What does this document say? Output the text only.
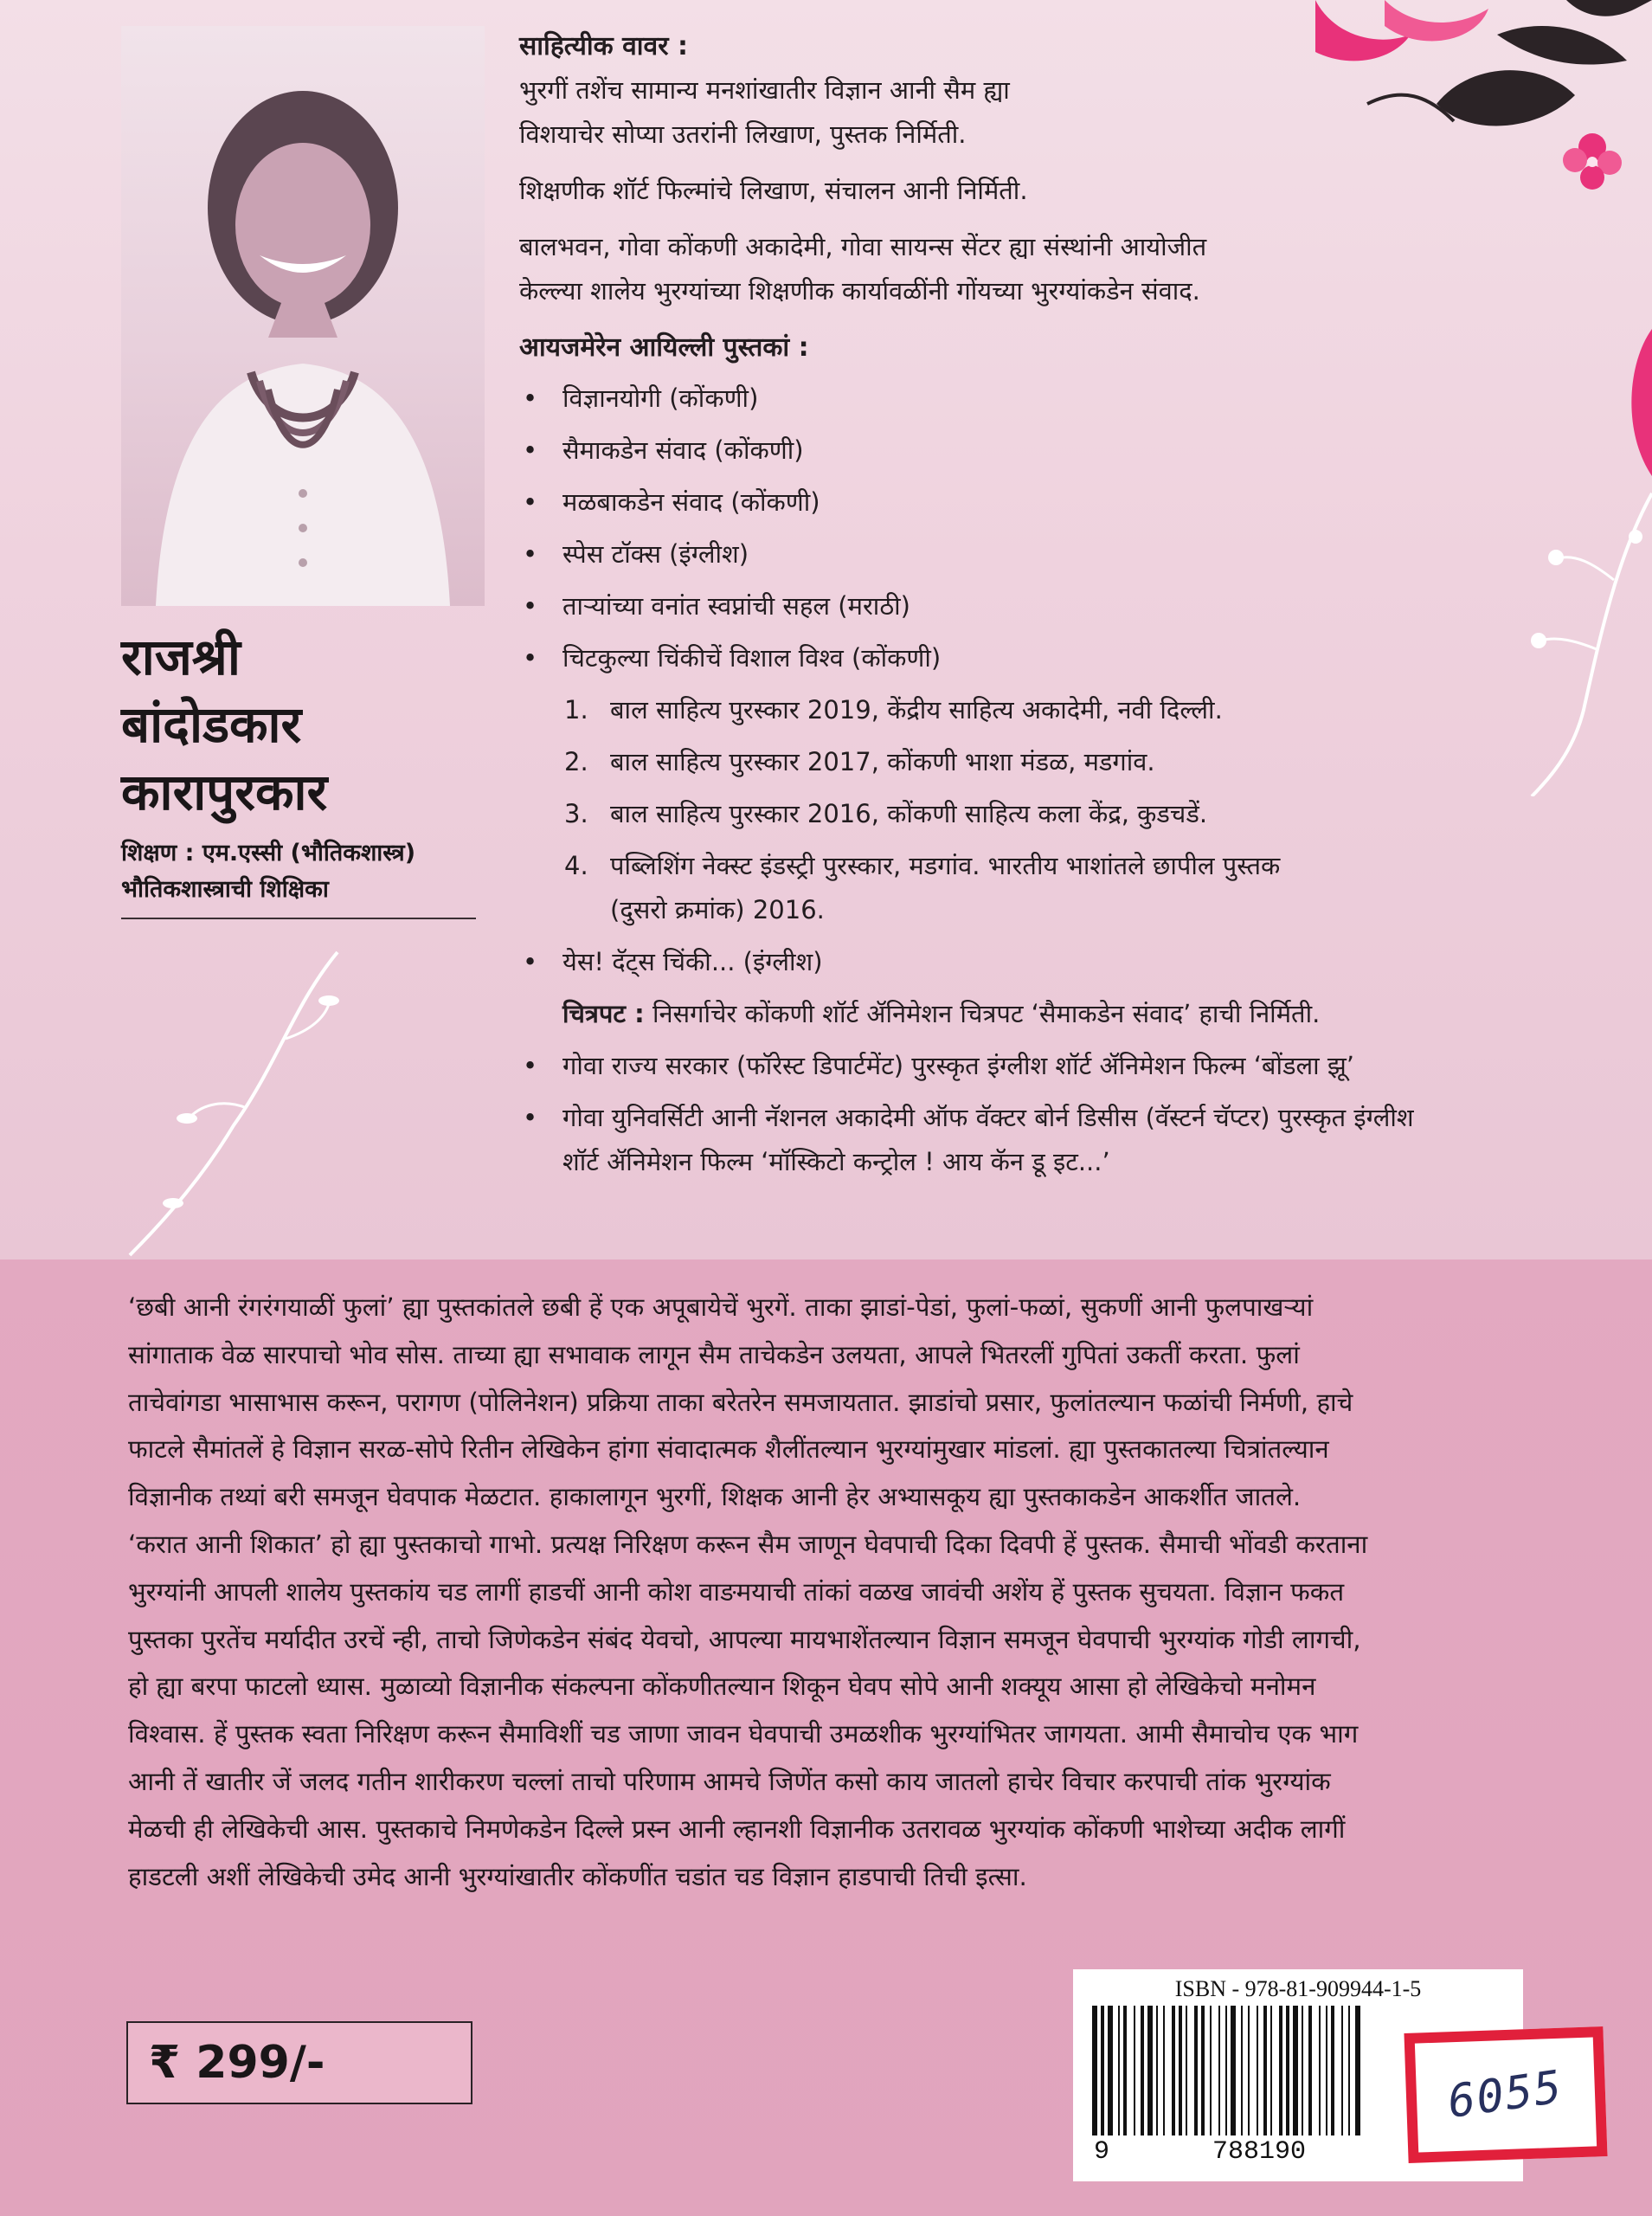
राजश्री
बांदोडकार
कारापुरकार
शिक्षण : एम.एस्सी (भौतिकशास्त्र)
भौतिकशास्त्राची शिक्षिका
साहित्यीक वावर :
भुरगीं तशेंच सामान्य मनशांखातीर विज्ञान आनी सैम ह्या
विशयाचेर सोप्या उतरांनी लिखाण, पुस्तक निर्मिती.
शिक्षणीक शॉर्ट फिल्मांचे लिखाण, संचालन आनी निर्मिती.
बालभवन, गोवा कोंकणी अकादेमी, गोवा सायन्स सेंटर ह्या संस्थांनी आयोजीत
केल्ल्या शालेय भुरग्यांच्या शिक्षणीक कार्यावळींनी गोंयच्या भुरग्यांकडेन संवाद.
आयजमेरेन आयिल्ली पुस्तकां :
• विज्ञानयोगी (कोंकणी)
• सैमाकडेन संवाद (कोंकणी)
• मळबाकडेन संवाद (कोंकणी)
• स्पेस टॉक्स (इंग्लीश)
• ताऱ्यांच्या वनांत स्वप्नांची सहल (मराठी)
• चिटकुल्या चिंकीचें विशाल विश्व (कोंकणी)
1. बाल साहित्य पुरस्कार 2019, केंद्रीय साहित्य अकादेमी, नवी दिल्ली.
2. बाल साहित्य पुरस्कार 2017, कोंकणी भाशा मंडळ, मडगांव.
3. बाल साहित्य पुरस्कार 2016, कोंकणी साहित्य कला केंद्र, कुडचडें.
4. पब्लिशिंग नेक्स्ट इंडस्ट्री पुरस्कार, मडगांव. भारतीय भाशांतले छापील पुस्तक
(दुसरो क्रमांक) 2016.
• येस! दॅट्स चिंकी... (इंग्लीश)
चित्रपट : निसर्गाचेर कोंकणी शॉर्ट ॲनिमेशन चित्रपट ‘सैमाकडेन संवाद’ हाची निर्मिती.
• गोवा राज्य सरकार (फॉरेस्ट डिपार्टमेंट) पुरस्कृत इंग्लीश शॉर्ट ॲनिमेशन फिल्म ‘बोंडला झू’
• गोवा युनिवर्सिटी आनी नॅशनल अकादेमी ऑफ वॅक्टर बोर्न डिसीस (वॅस्टर्न चॅप्टर) पुरस्कृत इंग्लीश
शॉर्ट ॲनिमेशन फिल्म ‘मॉस्किटो कन्ट्रोल ! आय कॅन डू इट...’
‘छबी आनी रंगरंगयाळीं फुलां’ ह्या पुस्तकांतले छबी हें एक अपूबायेचें भुरगें. ताका झाडां-पेडां, फुलां-फळां, सुकणीं आनी फुलपाखऱ्यां
सांगाताक वेळ सारपाचो भोव सोस. ताच्या ह्या सभावाक लागून सैम ताचेकडेन उलयता, आपले भितरलीं गुपितां उकतीं करता. फुलां
ताचेवांगडा भासाभास करून, परागण (पोलिनेशन) प्रक्रिया ताका बरेतरेन समजायतात. झाडांचो प्रसार, फुलांतल्यान फळांची निर्मणी, हाचे
फाटले सैमांतलें हे विज्ञान सरळ-सोपे रितीन लेखिकेन हांगा संवादात्मक शैलींतल्यान भुरग्यांमुखार मांडलां. ह्या पुस्तकातल्या चित्रांतल्यान
विज्ञानीक तथ्यां बरी समजून घेवपाक मेळटात. हाकालागून भुरगीं, शिक्षक आनी हेर अभ्यासकूय ह्या पुस्तकाकडेन आकर्शीत जातले.
‘करात आनी शिकात’ हो ह्या पुस्तकाचो गाभो. प्रत्यक्ष निरिक्षण करून सैम जाणून घेवपाची दिका दिवपी हें पुस्तक. सैमाची भोंवडी करताना
भुरग्यांनी आपली शालेय पुस्तकांय चड लागीं हाडचीं आनी कोश वाङमयाची तांकां वळख जावंची अशेंय हें पुस्तक सुचयता. विज्ञान फकत
पुस्तका पुरतेंच मर्यादीत उरचें न्ही, ताचो जिणेकडेन संबंद येवचो, आपल्या मायभाशेंतल्यान विज्ञान समजून घेवपाची भुरग्यांक गोडी लागची,
हो ह्या बरपा फाटलो ध्यास. मुळाव्यो विज्ञानीक संकल्पना कोंकणीतल्यान शिकून घेवप सोपे आनी शक्यूय आसा हो लेखिकेचो मनोमन
विश्वास. हें पुस्तक स्वता निरिक्षण करून सैमाविशीं चड जाणा जावन घेवपाची उमळशीक भुरग्यांभितर जागयता. आमी सैमाचोच एक भाग
आनी तें खातीर जें जलद गतीन शारीकरण चल्लां ताचो परिणाम आमचे जिणेंत कसो काय जातलो हाचेर विचार करपाची तांक भुरग्यांक
मेळची ही लेखिकेची आस. पुस्तकाचे निमणेकडेन दिल्ले प्रस्न आनी ल्हानशी विज्ञानीक उतरावळ भुरग्यांक कोंकणी भाशेच्या अदीक लागीं
हाडटली अशीं लेखिकेची उमेद आनी भुरग्यांखातीर कोंकणींत चडांत चड विज्ञान हाडपाची तिची इत्सा.
₹ 299/-
ISBN - 978-81-909944-1-5
9	788190
6055
